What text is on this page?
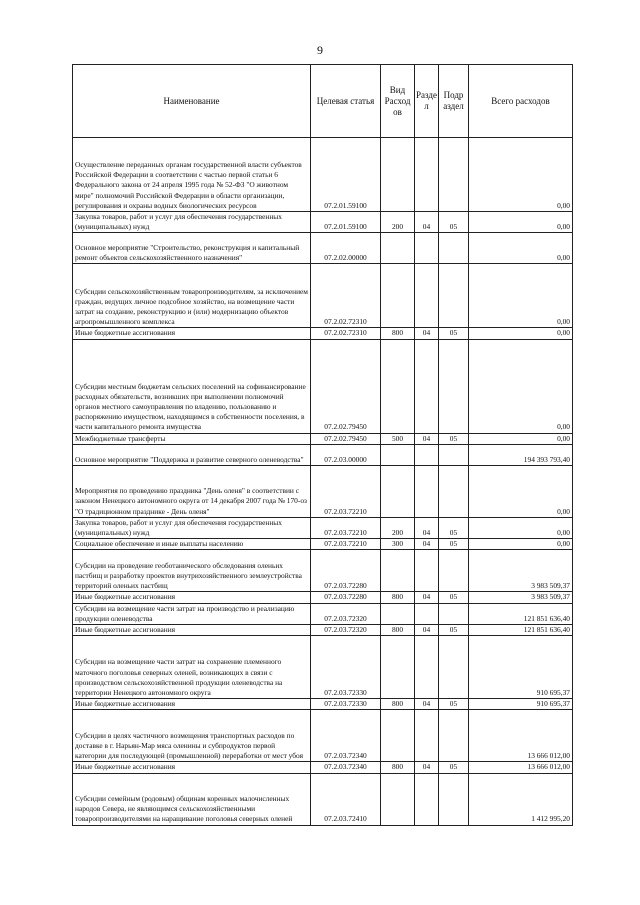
9
Наименование	Целевая статья	Вид Расход ов	Разде л	Подр аздел	Всего расходов
Осуществление переданных органам государственной власти субъектов Российской Федерации в соответствии с частью первой статьи 6 Федерального закона от 24 апреля 1995 года № 52-ФЗ "О животном мире" полномочий Российской Федерации в области организации, регулирования и охраны водных биологических ресурсов	07.2.01.59100				0,00
Закупка товаров, работ и услуг для обеспечения государственных (муниципальных) нужд	07.2.01.59100	200	04	05	0,00
Основное мероприятие "Строительство, реконструкция и капитальный ремонт объектов сельскохозяйственного назначения"	07.2.02.00000				0,00
Субсидии сельскохозяйственным товаропроизводителям, за исключением граждан, ведущих личное подсобное хозяйство, на возмещение части затрат на создание, реконструкцию и (или) модернизацию объектов агропромышленного комплекса	07.2.02.72310				0,00
Иные бюджетные ассигнования	07.2.02.72310	800	04	05	0,00
Субсидии местным бюджетам сельских поселений на софинансирование расходных обязательств, возникших при выполнении полномочий органов местного самоуправления по владению, пользованию и распоряжению имуществом, находящимся в собственности поселения, в части капитального ремонта имущества	07.2.02.79450				0,00
Межбюджетные трансферты	07.2.02.79450	500	04	05	0,00
Основное мероприятие "Поддержка и развитие северного оленеводства"	07.2.03.00000				194 393 793,40
Мероприятия по проведению праздника "День оленя" в соответствии с законом Ненецкого автономного округа от 14 декабря 2007 года № 170-оз "О традиционном празднике - День оленя"	07.2.03.72210				0,00
Закупка товаров, работ и услуг для обеспечения государственных (муниципальных) нужд	07.2.03.72210	200	04	05	0,00
Социальное обеспечение и иные выплаты населению	07.2.03.72210	300	04	05	0,00
Субсидии на проведение геоботанического обследования оленьих пастбищ и разработку проектов внутрихозяйственного землеустройства территорий оленьих пастбищ	07.2.03.72280				3 983 509,37
Иные бюджетные ассигнования	07.2.03.72280	800	04	05	3 983 509,37
Субсидии на возмещение части затрат на производство и реализацию продукции оленеводства	07.2.03.72320				121 851 636,40
Иные бюджетные ассигнования	07.2.03.72320	800	04	05	121 851 636,40
Субсидии на возмещение части затрат на сохранение племенного маточного поголовья северных оленей, возникающих в связи с производством сельскохозяйственной продукции оленеводства на территории Ненецкого автономного округа	07.2.03.72330				910 695,37
Иные бюджетные ассигнования	07.2.03.72330	800	04	05	910 695,37
Субсидии в целях частичного возмещения транспортных расходов по доставке в г. Нарьян-Мар мяса оленины и субпродуктов первой категории для последующей (промышленной) переработки от мест убоя	07.2.03.72340				13 666 012,00
Иные бюджетные ассигнования	07.2.03.72340	800	04	05	13 666 012,00
Субсидии семейным (родовым) общинам коренных малочисленных народов Севера, не являющимся сельскохозяйственными товаропроизводителями на наращивание поголовья северных оленей	07.2.03.72410				1 412 995,20
